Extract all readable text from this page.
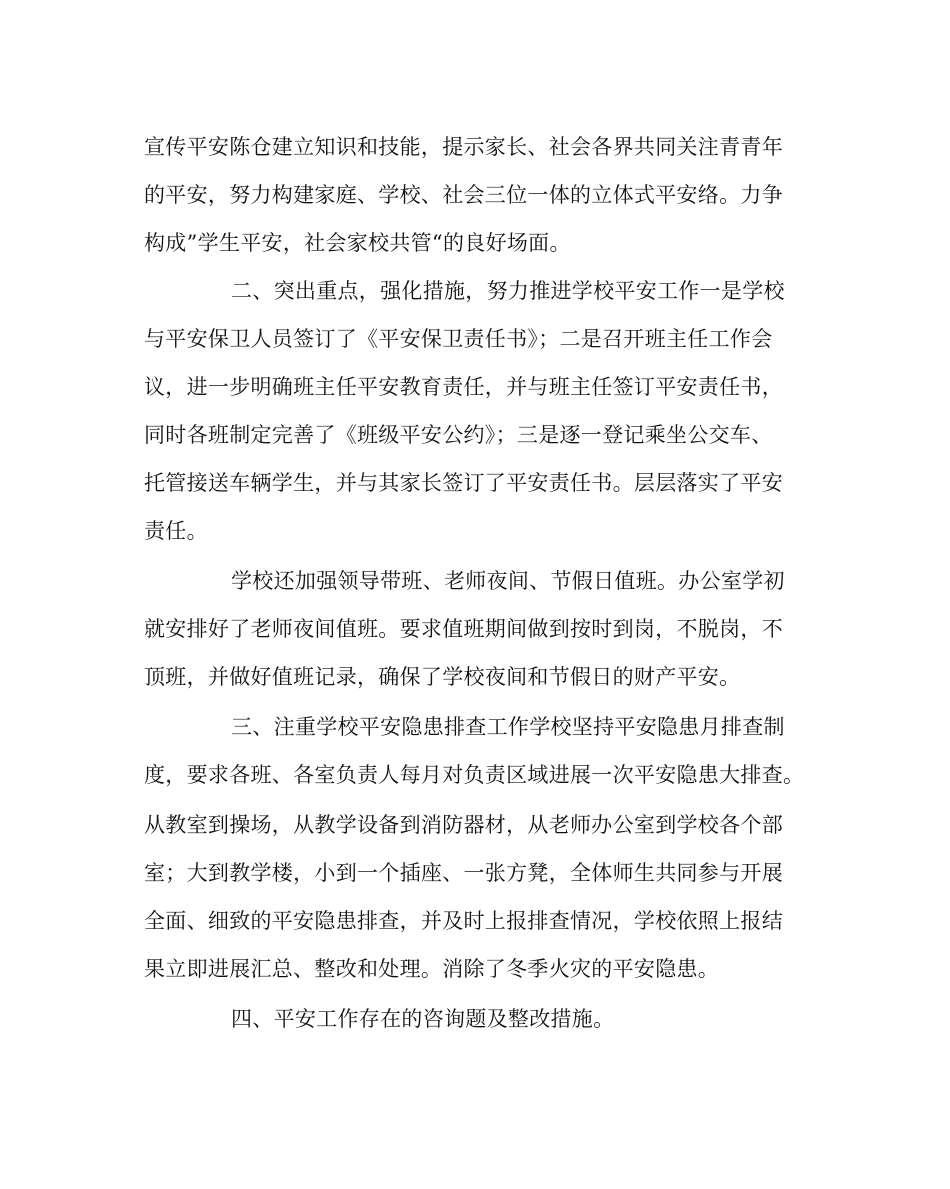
宣传平安陈仓建立知识和技能，提示家长、社会各界共同关注青青年
的平安，努力构建家庭、学校、社会三位一体的立体式平安络。力争
构成”学生平安，社会家校共管“的良好场面。
二、突出重点，强化措施，努力推进学校平安工作一是学校
与平安保卫人员签订了《平安保卫责任书》；二是召开班主任工作会
议，进一步明确班主任平安教育责任，并与班主任签订平安责任书，
同时各班制定完善了《班级平安公约》；三是逐一登记乘坐公交车、
托管接送车辆学生，并与其家长签订了平安责任书。层层落实了平安
责任。
学校还加强领导带班、老师夜间、节假日值班。办公室学初
就安排好了老师夜间值班。要求值班期间做到按时到岗，不脱岗，不
顶班，并做好值班记录，确保了学校夜间和节假日的财产平安。
三、注重学校平安隐患排查工作学校坚持平安隐患月排查制
度，要求各班、各室负责人每月对负责区域进展一次平安隐患大排查。
从教室到操场，从教学设备到消防器材，从老师办公室到学校各个部
室；大到教学楼，小到一个插座、一张方凳，全体师生共同参与开展
全面、细致的平安隐患排查，并及时上报排查情况，学校依照上报结
果立即进展汇总、整改和处理。消除了冬季火灾的平安隐患。
四、平安工作存在的咨询题及整改措施。
